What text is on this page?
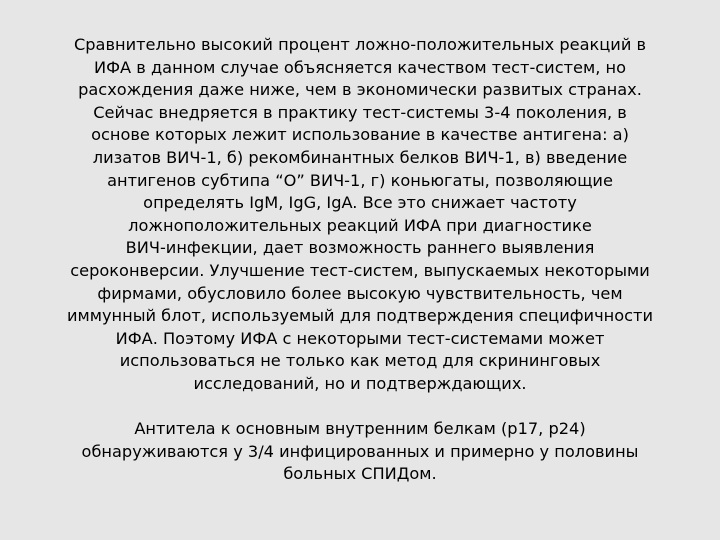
Сравнительно высокий процент ложно-положительных реакций в
ИФА в данном случае объясняется качеством тест-систем, но
расхождения даже ниже, чем в экономически развитых странах.
Сейчас внедряется в практику тест-системы 3-4 поколения, в
основе которых лежит использование в качестве антигена: а)
лизатов ВИЧ-1, б) рекомбинантных белков ВИЧ-1, в) введение
антигенов субтипа “О” ВИЧ-1, г) коньюгаты, позволяющие
определять IgM, IgG, IgA. Все это снижает частоту
ложноположительных реакций ИФА при диагностике
ВИЧ-инфекции, дает возможность раннего выявления
сероконверсии. Улучшение тест-систем, выпускаемых некоторыми
фирмами, обусловило более высокую чувствительность, чем
иммунный блот, используемый для подтверждения специфичности
ИФА. Поэтому ИФА с некоторыми тест-системами может
использоваться не только как метод для скрининговых
исследований, но и подтверждающих.
Антитела к основным внутренним белкам (р17, р24)
обнаруживаются у 3/4 инфицированных и примерно у половины
больных СПИДом.
